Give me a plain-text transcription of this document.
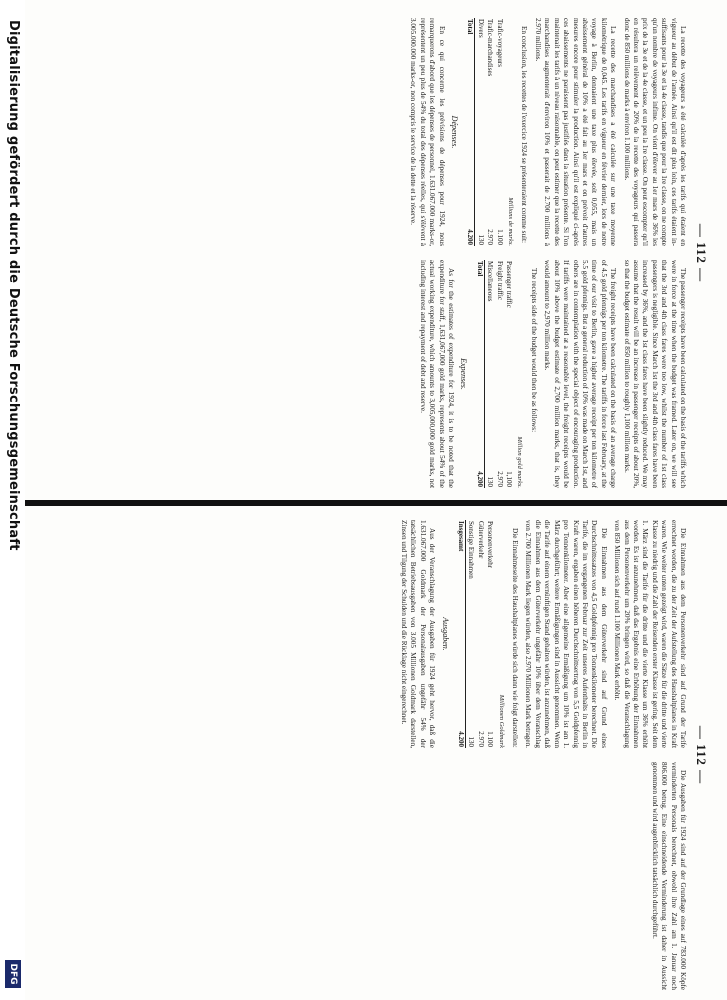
— 112 —

La recette des voyageurs a été calculée d'après les tarifs qui étaient en vigueur au début de l'année. Ainsi qu'il est dit plus loin, ces tarifs étaient in-suffisants pour la 3e et la 4e classe, tandis que pour la 1re classe, on ne compte qu'un nombre de voyageurs infime. On vient d'élever au 1er mars de 36% les prix de la 3e et de la 4e classe, et un peu la 1re classe. On peut escompter qu'il en résultera un relèvement de 20% de la recette des voyageurs qui passera donc de 850 millions de marks à environ 1.100 millions.

La recette des marchandises a été calculée sur une taxe moyenne kilométrique de 0,045. Les tarifs en vigueur en février dernier, lors de notre voyage à Berlin, donnaient une taxe plus élevée, soit 0,055, mais un abaissement général de 10% a été fait au 1er mars et on prévoit d'autres mesures encore pour stimuler la production. Ainsi qu'il est expliqué ci-après ces abaissements ne paraissent pas justifiés dans la situation présente. Si l'on maintenait les tarifs à un niveau raisonnable, on peut estimer que la recette des marchandises augmenterait d'environ 10% et passerait de 2.700 millions à 2.970 millions.

En conclusion, les recettes de l'exercice 1924 se présenteraient comme suit:

Millions de marks.
Trafic-voyageurs	1.100
Trafic-marchandises	2.970
Divers	130
Total	4.200
Dépenses.

En ce qui concerne les prévisions de dépenses pour 1924, nous remarquerons d'abord que les dépenses de personnel, 1.631.067.000 marks-or, représentent un peu plus de 54% du total des dépenses réelles, qui s'élèvent à 3.005.000.000 marks-or, non compris le service de la dette et la réserve.

The passenger receipts have been calculated on the basis of the tariffs which were in force at the time when the budget was framed. Later on, we will see that the 3rd and 4th class fares were too low, whilst the number of 1st class passengers is negligible. Since March 1st the 3rd and 4th class fares have been increased by 36%, and the 1st class fares have been slightly reduced. We may assume that the result will be an increase in passenger receipts of about 20%, so that the budget estimate of 850 million to roughly 1,100 million marks.

The freight receipts have been calculated on the basis of an average charge of 4.5 gold pfennigs per ton kilometre. The tariffs in force last February, at the time of our visit to Berlin, gave a higher average receipt per ton kilometre of 5.5 gold pfennigs. But a general reduction of 10% was made on March 1st, and others are in contemplation with the special object of encouraging production. If tariffs were maintained at a reasonable level, the freight receipts would be about 10% above the budget estimate of 2,700 million marks, that is, they would amount to 2,970 million marks.

The receipts side of the budget would then be as follows:

Million gold marks.
Passenger traffic	1,100
Freight traffic	2,970
Miscellaneous	130
Total	4,200
Expenses.

As for the estimates of expenditure for 1924, it is to be noted that the expenditure for staff, 1,631,067,000 gold marks, represents about 54% of the actual working expenditure, which amounts to 3,005,000,000 gold marks, not including interest and repayment of debt and reserve.

— 112 —

Die Einnahmen aus dem Personenverkehr sind auf Grund der Tarife errechnet worden, die zu der Zeit der Aufstellung des Haushaltplanes in Kraft waren. Wie weiter unten gezeigt wird, waren die Sätze für die dritte und vierte Klasse zu niedrig und die Zahl der Reisenden erster Klasse ist gering. Seit dem 1. März sind die Tarife für die dritte und die vierte Klasse um 36% erhöht worden. Es ist anzunehmen, daß das Ergebnis eine Erhöhung der Einnahmen aus dem Personenverkehr um 20% bringen wird, so daß die Veranschlagung von 850 Millionen sich auf rund 1.100 Millionen Mark erhöht.

Die Einnahmen aus dem Güterverkehr sind auf Grund eines Durchschnittssatzes von 4,5 Goldpfennig pro Tonnenkilometer berechnet. Die Tarife, die im vergangenen Februar zur Zeit unseres Aufenthalts in Berlin in Kraft waren, ergaben einen höheren Durchschnittsertrag von 5,5 Goldpfennig pro Tonnenkilometer. Aber eine allgemeine Ermäßigung um 10% ist am 1. März durchgeführt; weitere Ermäßigungen sind in Aussicht genommen. Wenn die Tarife auf einem vernünftigen Stand gehalten würden, ist anzunehmen, daß die Einnahmen aus dem Güterverkehr ungefähr 10% über dem Voranschlag von 2.700 Millionen Mark liegen würden, also 2.970 Millionen Mark betragen.

Die Einnahmeseite des Haushaltplanes würde sich dann wie folgt darstellen:

Millionen Goldmark
Personenverkehr	1.100
Güterverkehr	2.970
Sonstige Einnahmen	130
Insgesamt	4.200
Ausgaben.

Aus der Veranschlagung der Ausgaben für 1924 geht hervor, daß die 1.631.067.000 Goldmark der Personalausgaben ungefähr 54% der tatsächlichen Betriebsausgaben von 3.005 Millionen Goldmark darstellen, Zinsen und Tilgung der Schulden und die Rücklage nicht eingerechnet.

Die Ausgaben für 1924 sind auf der Grundlage eines auf 783.000 Köpfe verminderten Personals berechnet, obwohl ihre Zahl am 1. Januar noch 806.000 betrug. Eine einschneidende Verminderung ist daher in Aussicht genommen und wird augenblicklich tatsächlich durchgeführt.

Digitalisierung gefördert durch die Deutsche Forschungsgemeinschaft
DFG
